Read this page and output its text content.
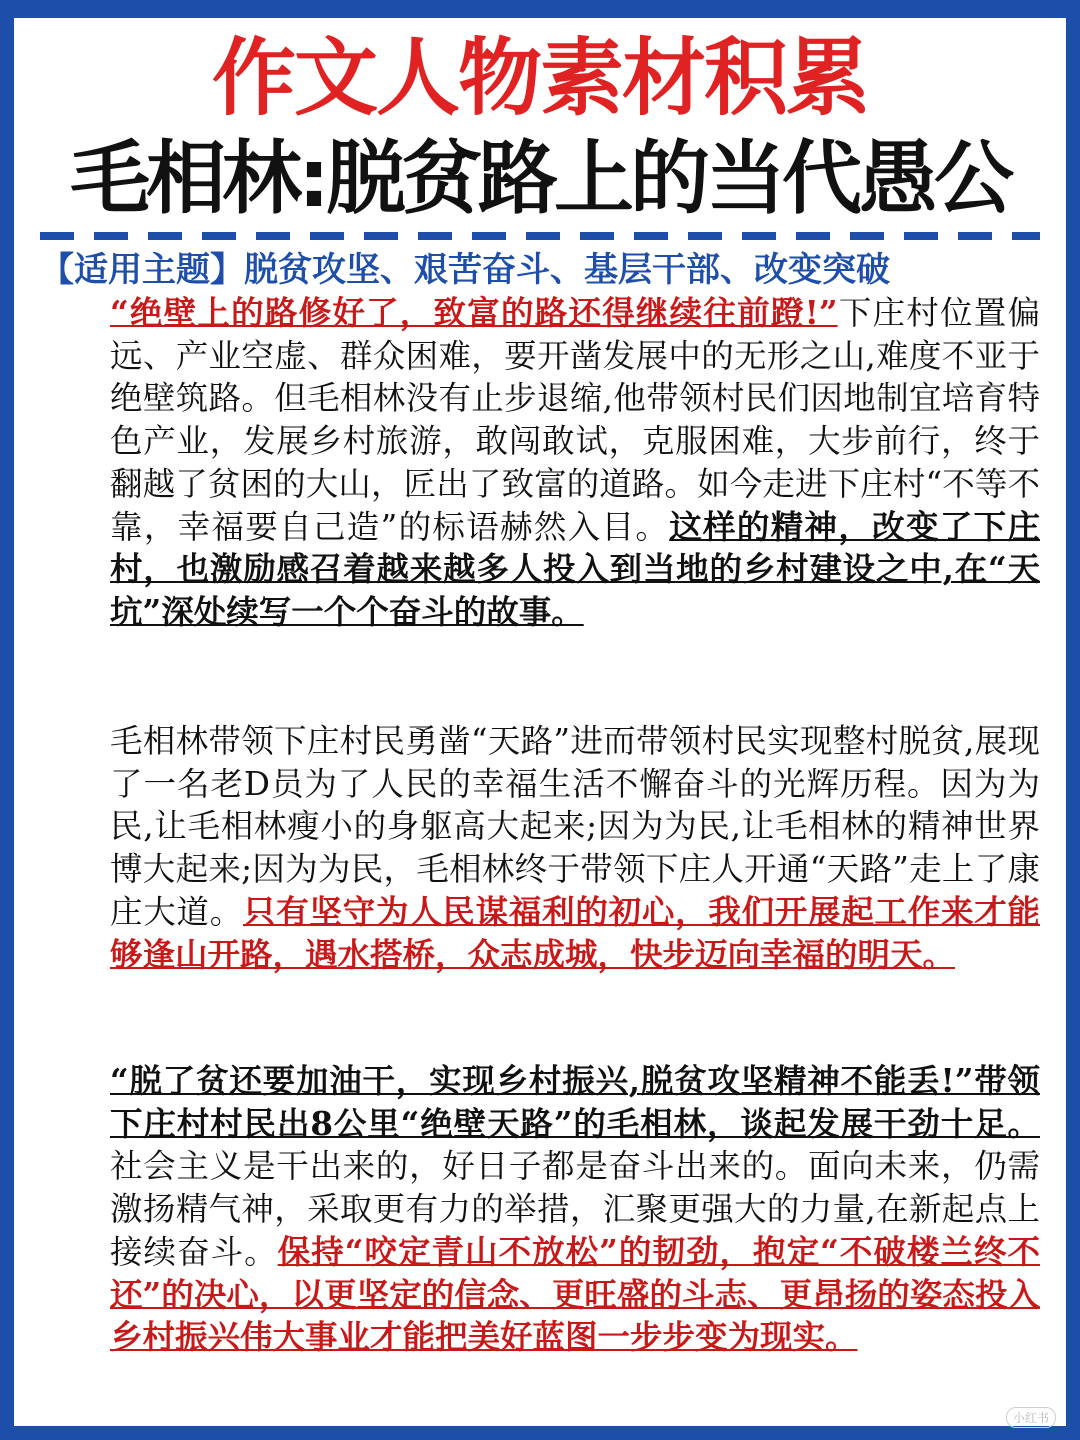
作文人物素材积累
毛相林:脱贫路上的当代愚公
【适用主题】脱贫攻坚、艰苦奋斗、基层干部、改变突破
“绝壁上的路修好了，致富的路还得继续往前蹬!”下庄村位置偏远、产业空虚、群众困难，要开凿发展中的无形之山,难度不亚于绝壁筑路。但毛相林没有止步退缩,他带领村民们因地制宜培育特色产业，发展乡村旅游，敢闯敢试，克服困难，大步前行，终于翻越了贫困的大山，匠出了致富的道路。如今走进下庄村“不等不靠，幸福要自己造”的标语赫然入目。这样的精神，改变了下庄村，也激励感召着越来越多人投入到当地的乡村建设之中,在“天坑”深处续写一个个奋斗的故事。
毛相林带领下庄村民勇凿“天路”进而带领村民实现整村脱贫,展现了一名老D员为了人民的幸福生活不懈奋斗的光辉历程。因为为民,让毛相林瘦小的身躯高大起来;因为为民,让毛相林的精神世界博大起来;因为为民，毛相林终于带领下庄人开通“天路”走上了康庄大道。只有坚守为人民谋福利的初心，我们开展起工作来才能够逢山开路，遇水搭桥，众志成城，快步迈向幸福的明天。
“脱了贫还要加油干，实现乡村振兴,脱贫攻坚精神不能丢!”带领下庄村村民出8公里“绝壁天路”的毛相林，谈起发展干劲十足。社会主义是干出来的，好日子都是奋斗出来的。面向未来，仍需激扬精气神，采取更有力的举措，汇聚更强大的力量,在新起点上接续奋斗。保持“咬定青山不放松”的韧劲，抱定“不破楼兰终不还”的决心，以更坚定的信念、更旺盛的斗志、更昂扬的姿态投入乡村振兴伟大事业才能把美好蓝图一步步变为现实。
小红书
